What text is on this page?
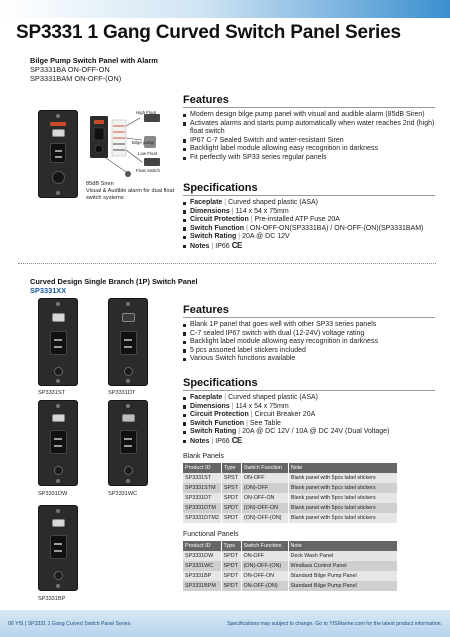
SP3331 1 Gang Curved Switch Panel Series
Bilge Pump Switch Panel with Alarm
SP3331BA ON-OFF-ON
SP3331BAM ON-OFF-(ON)
High Float
Bilge pump
Low Float
Float Switch
85dB Siren
Visual & Audible alarm for dual float
switch systems
Features
Modern design bilge pump panel with visual and audible alarm (85dB Siren)
Activates alarms and starts pump automatically when water reaches 2nd (high) float switch
IP67 C-7 Sealed Switch and water-resistant Siren
Backlight label module allowing easy recognition in darkness
Fit perfectly with SP33 series regular panels
Specifications
Faceplate | Curved shaped plastic (ASA)
Dimensions | 114 x 54 x 75mm
Circuit Protection | Pre-installed ATP Fuse 20A
Switch Function | ON-OFF-ON(SP3331BA) / ON-OFF-(ON)(SP3331BAM)
Switch Rating | 20A @ DC 12V
Notes | IP66 CE
Curved Design Single Branch (1P) Switch Panel
SP3331XX
SP3331ST	SP3331DT
SP3331DW	SP3331WC
SP3331BP
Features
Blank 1P panel that goes well with other SP33 series panels
C-7 sealed IP67 switch with dual (12-24V) voltage rating
Backlight label module allowing easy recognition in darkness
5 pcs assorted label stickers included
Various Switch functions available
Specifications
Faceplate | Curved shaped plastic (ASA)
Dimensions | 114 x 54 x 75mm
Circuit Protection | Circuit Breaker 20A
Switch Function | See Table
Switch Rating | 20A @ DC 12V / 10A @ DC 24V (Dual Voltage)
Notes | IP66 CE
Blank Panels
Product ID	Type	Switch Function	Note
SP3331ST	SPST	ON-OFF	Blank panel with 5pcs label stickers
SP3331STM	SPST	(ON)-OFF	Blank panel with 5pcs label stickers
SP3331DT	SPDT	ON-OFF-ON	Blank panel with 5pcs label stickers
SP3331DTM	SPDT	(ON)-OFF-ON	Blank panel with 5pcs label stickers
SP3331DTM2	SPDT	(ON)-OFF-(ON)	Blank panel with 5pcs label stickers
Functional Panels
Product ID	Type	Switch Function	Note
SP3331DW	SPDT	ON-OFF	Deck Wash Panel
SP3331WC	SPDT	(ON)-OFF-(ON)	Windlass Control Panel
SP3331BP	SPDT	ON-OFF-ON	Standard Bilge Pump Panel
SP3331BPM	SPDT	ON-OFF-(ON)	Standard Bilge Pump Panel
06 YIS | SP3331 1 Gang Curved Switch Panel Series	Specifications may subject to change. Go to YISMarine.com for the latest product information.
